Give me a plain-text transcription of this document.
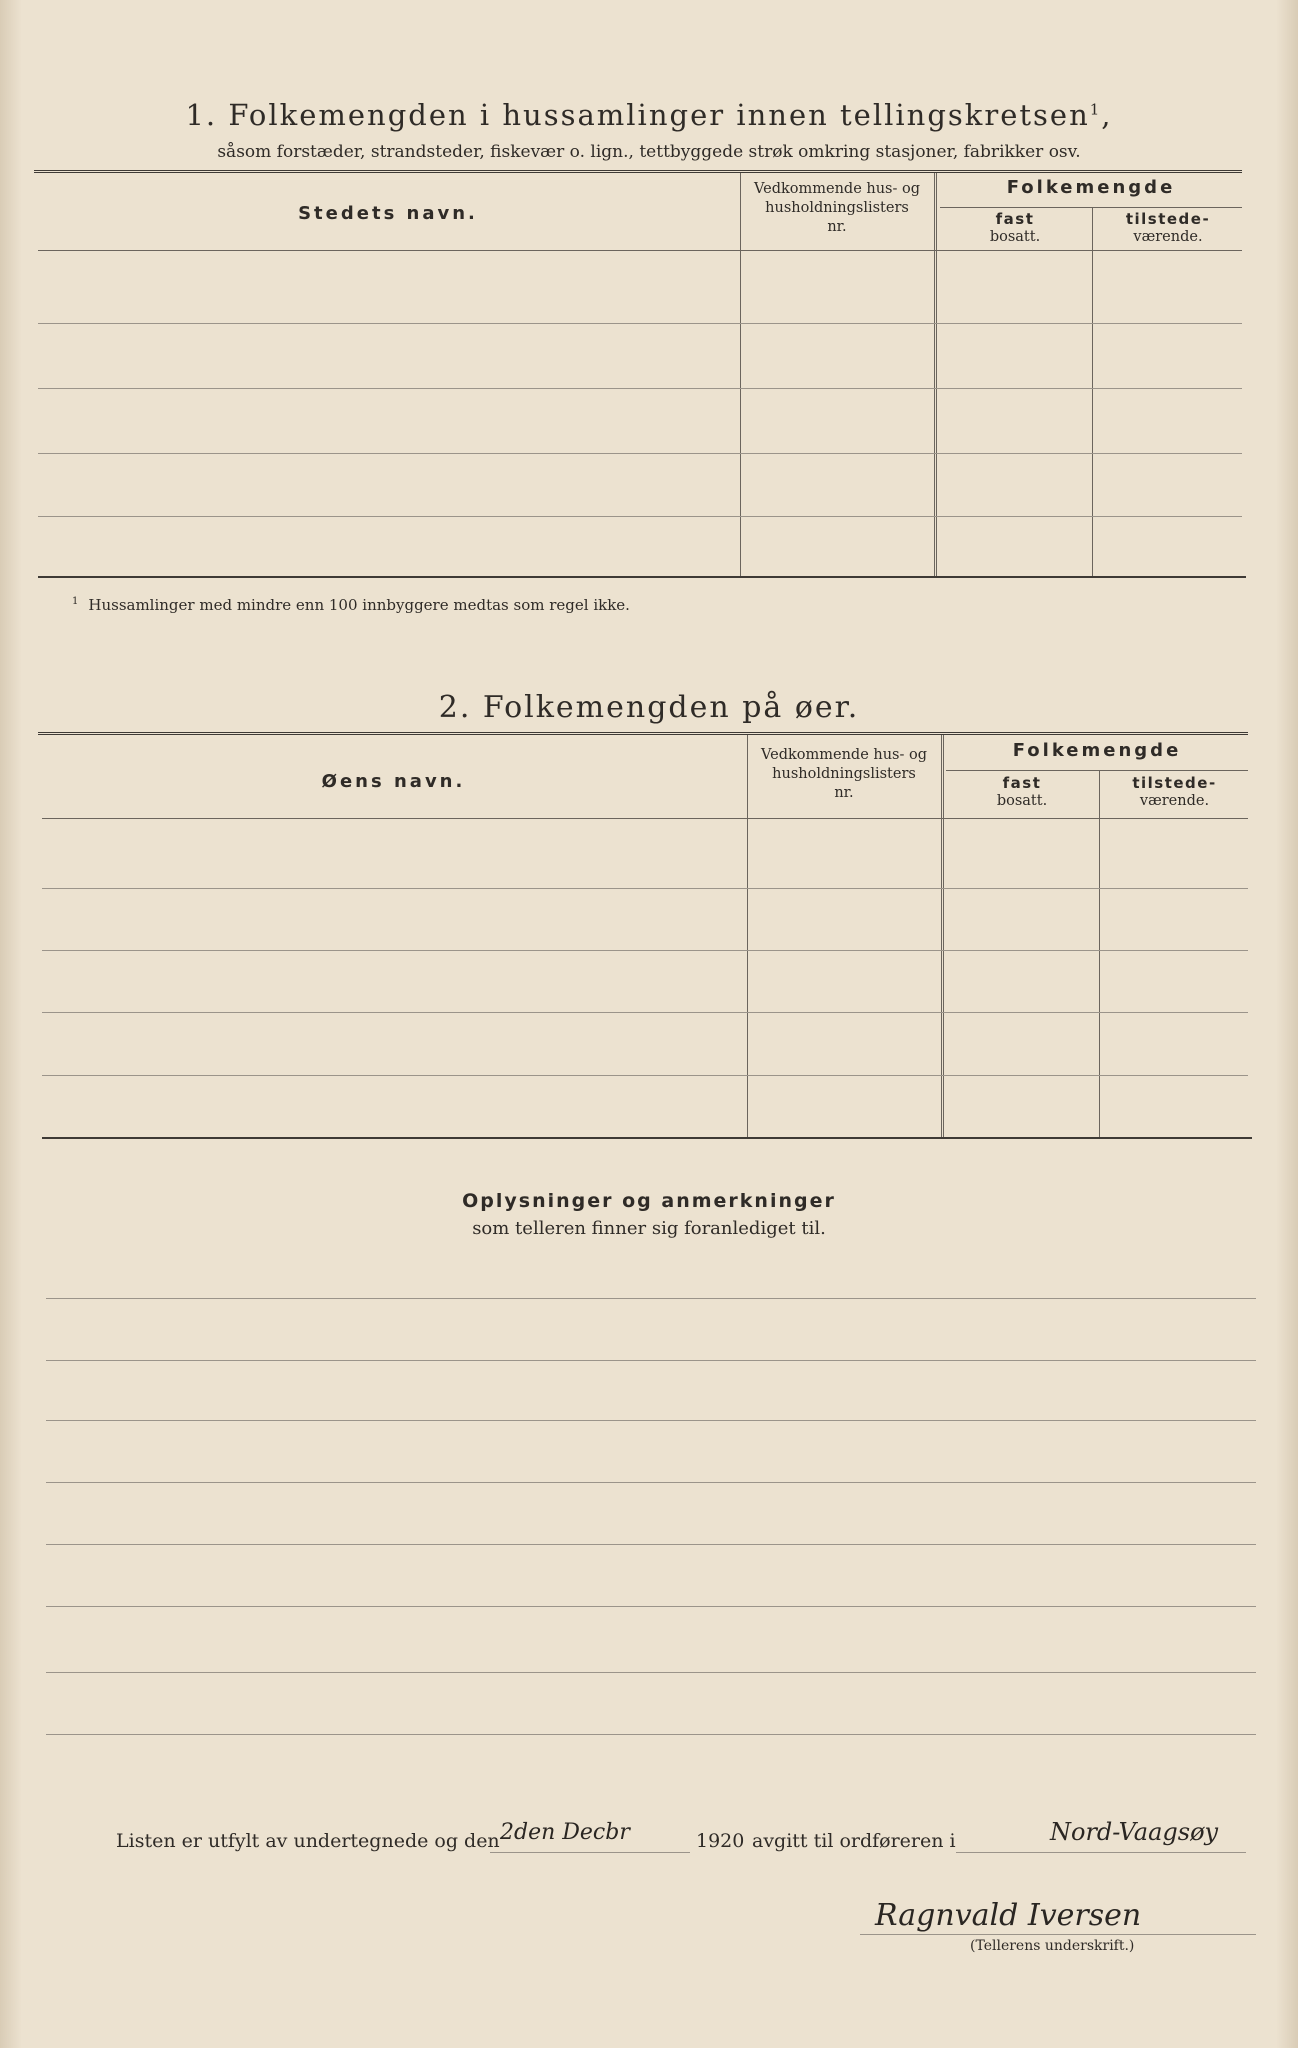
1. Folkemengden i hussamlinger innen tellingskretsen$^1$,
såsom forstæder, strandsteder, fiskevær o. lign., tettbyggede strøk omkring stasjoner, fabrikker osv.
Stedets navn.
Vedkommende hus- og
husholdningslisters
nr.
Folkemengde
fast
bosatt.
tilstede-
værende.
$^1$ Hussamlinger med mindre enn 100 innbyggere medtas som regel ikke.
2. Folkemengden på øer.
Øens navn.
Vedkommende hus- og
husholdningslisters
nr.
Folkemengde
fast
bosatt.
tilstede-
værende.
Oplysninger og anmerkninger
som telleren finner sig foranlediget til.
Listen er utfylt av undertegnede og den 2den Decbr	1920 avgitt til ordføreren i	Nord-Vaagsøy
Ragnvald Iversen
(Tellerens underskrift.)
